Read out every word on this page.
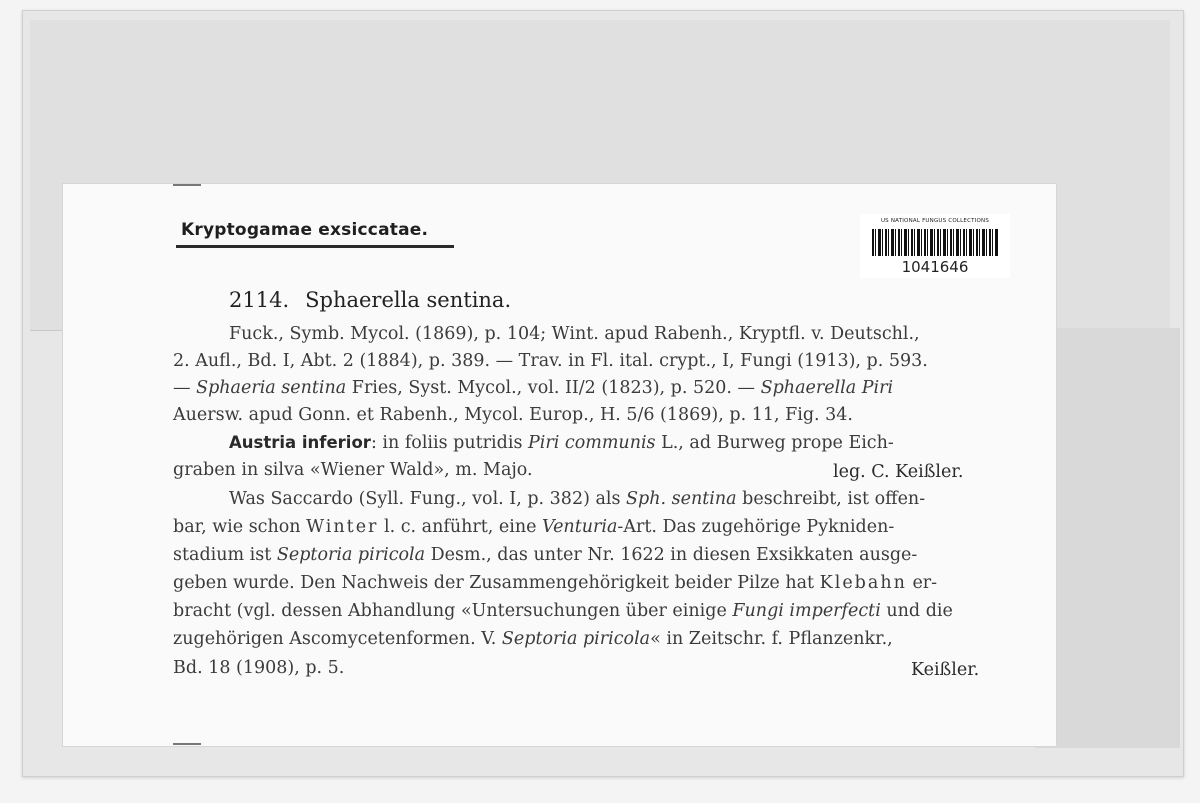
Kryptogamae exsiccatae.	US NATIONAL FUNGUS COLLECTIONS
1041646
2114. Sphaerella sentina.
Fuck., Symb. Mycol. (1869), p. 104; Wint. apud Rabenh., Kryptfl. v. Deutschl.,
2. Aufl., Bd. I, Abt. 2 (1884), p. 389. — Trav. in Fl. ital. crypt., I, Fungi (1913), p. 593.
— Sphaeria sentina Fries, Syst. Mycol., vol. II/2 (1823), p. 520. — Sphaerella Piri
Auersw. apud Gonn. et Rabenh., Mycol. Europ., H. 5/6 (1869), p. 11, Fig. 34.
Austria inferior: in foliis putridis Piri communis L., ad Burweg prope Eich-
graben in silva «Wiener Wald», m. Majo.	leg. C. Keißler.
Was Saccardo (Syll. Fung., vol. I, p. 382) als Sph. sentina beschreibt, ist offen-
bar, wie schon Winter l. c. anführt, eine Venturia-Art. Das zugehörige Pykniden-
stadium ist Septoria piricola Desm., das unter Nr. 1622 in diesen Exsikkaten ausge-
geben wurde. Den Nachweis der Zusammengehörigkeit beider Pilze hat Klebahn er-
bracht (vgl. dessen Abhandlung «Untersuchungen über einige Fungi imperfecti und die
zugehörigen Ascomycetenformen. V. Septoria piricola« in Zeitschr. f. Pflanzenkr.,
Bd. 18 (1908), p. 5.	Keißler.
